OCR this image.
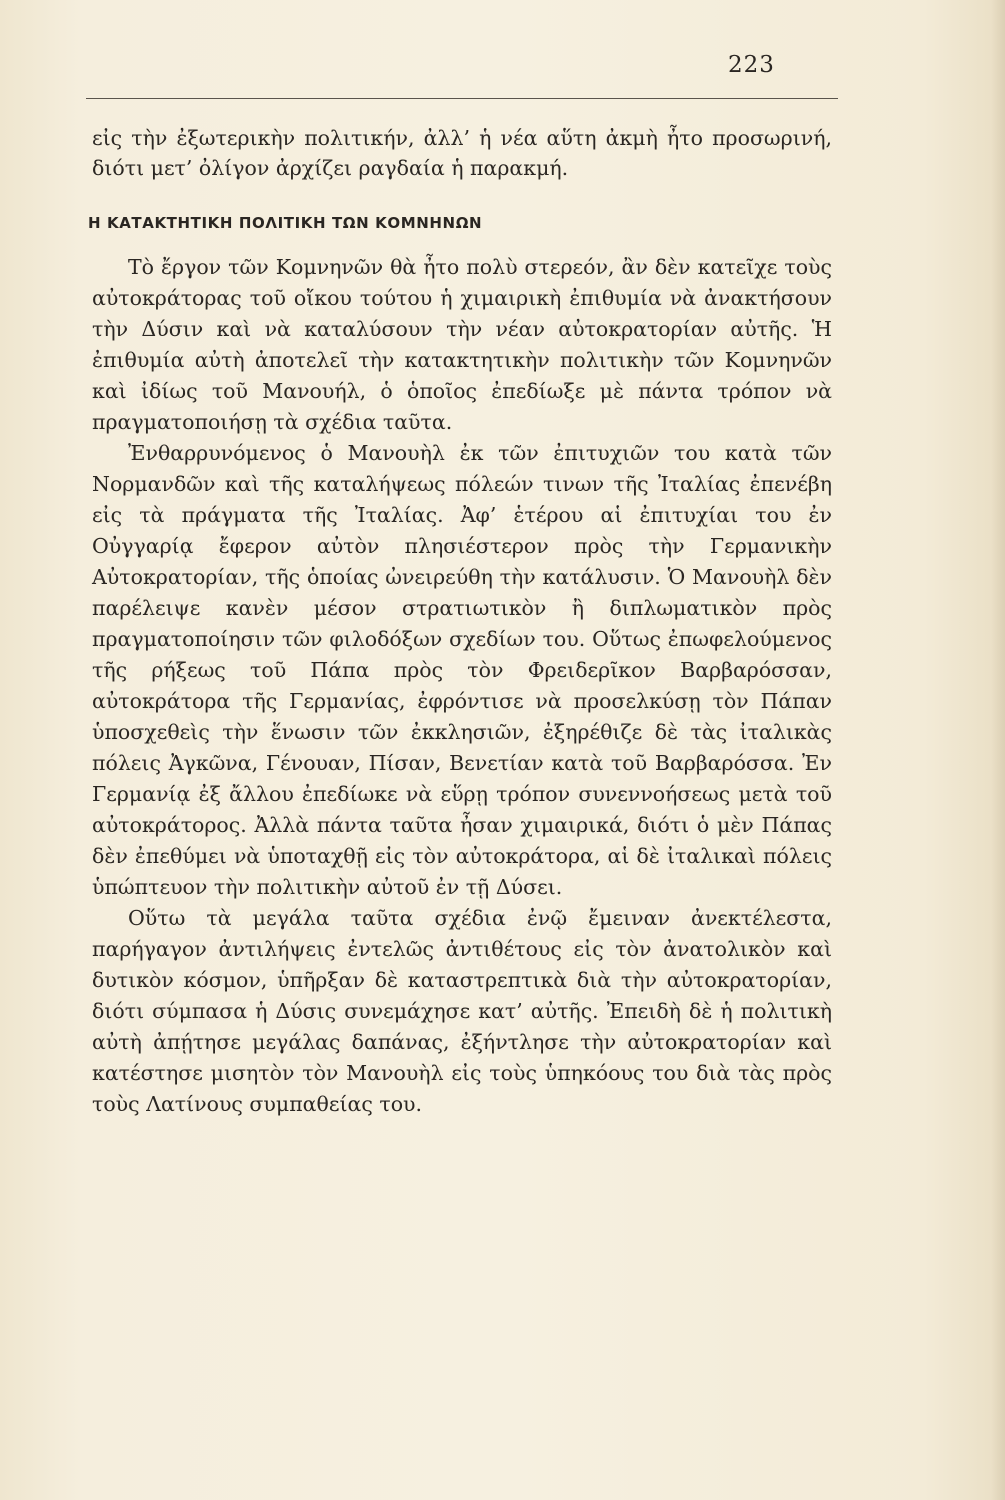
223

εἰς τὴν ἐξωτερικὴν πολιτικήν, ἀλλ’ ἡ νέα αὕτη ἀκμὴ ἦτο προσωρινή, διότι μετ’ ὀλίγον ἀρχίζει ραγδαία ἡ παρακμή.

Η ΚΑΤΑΚΤΗΤΙΚΗ ΠΟΛΙΤΙΚΗ ΤΩΝ ΚΟΜΝΗΝΩΝ

Τὸ ἔργον τῶν Κομνηνῶν θὰ ἦτο πολὺ στερεόν, ἂν δὲν κατεῖχε τοὺς αὐτοκράτορας τοῦ οἴκου τούτου ἡ χιμαιρικὴ ἐπιθυμία νὰ ἀνακτήσουν τὴν Δύσιν καὶ νὰ καταλύσουν τὴν νέαν αὐτοκρατορίαν αὐτῆς. Ἡ ἐπιθυμία αὐτὴ ἀποτελεῖ τὴν κατακτητικὴν πολιτικὴν τῶν Κομνηνῶν καὶ ἰδίως τοῦ Μανουήλ, ὁ ὁποῖος ἐπεδίωξε μὲ πάντα τρόπον νὰ πραγματοποιήσῃ τὰ σχέδια ταῦτα.

Ἐνθαρρυνόμενος ὁ Μανουὴλ ἐκ τῶν ἐπιτυχιῶν του κατὰ τῶν Νορμανδῶν καὶ τῆς καταλήψεως πόλεών τινων τῆς Ἰταλίας ἐπενέβη εἰς τὰ πράγματα τῆς Ἰταλίας. Ἀφ’ ἑτέρου αἱ ἐπιτυχίαι του ἐν Οὐγγαρίᾳ ἔφερον αὐτὸν πλησιέστερον πρὸς τὴν Γερμανικὴν Αὐτοκρατορίαν, τῆς ὁποίας ὠνειρεύθη τὴν κατάλυσιν. Ὁ Μανουὴλ δὲν παρέλειψε κανὲν μέσον στρατιωτικὸν ἢ διπλωματικὸν πρὸς πραγματοποίησιν τῶν φιλοδόξων σχεδίων του. Οὕτως ἐπωφελούμενος τῆς ρήξεως τοῦ Πάπα πρὸς τὸν Φρειδερῖκον Βαρβαρόσσαν, αὐτοκράτορα τῆς Γερμανίας, ἐφρόντισε νὰ προσελκύσῃ τὸν Πάπαν ὑποσχεθεὶς τὴν ἕνωσιν τῶν ἐκκλησιῶν, ἐξηρέθιζε δὲ τὰς ἰταλικὰς πόλεις Ἀγκῶνα, Γένουαν, Πίσαν, Βενετίαν κατὰ τοῦ Βαρβαρόσσα. Ἐν Γερμανίᾳ ἐξ ἄλλου ἐπεδίωκε νὰ εὕρῃ τρόπον συνεννοήσεως μετὰ τοῦ αὐτοκράτορος. Ἀλλὰ πάντα ταῦτα ἦσαν χιμαιρικά, διότι ὁ μὲν Πάπας δὲν ἐπεθύμει νὰ ὑποταχθῇ εἰς τὸν αὐτοκράτορα, αἱ δὲ ἰταλικαὶ πόλεις ὑπώπτευον τὴν πολιτικὴν αὐτοῦ ἐν τῇ Δύσει.

Οὕτω τὰ μεγάλα ταῦτα σχέδια ἐνῷ ἔμειναν ἀνεκτέλεστα, παρήγαγον ἀντιλήψεις ἐντελῶς ἀντιθέτους εἰς τὸν ἀνατολικὸν καὶ δυτικὸν κόσμον, ὑπῆρξαν δὲ καταστρεπτικὰ διὰ τὴν αὐτοκρατορίαν, διότι σύμπασα ἡ Δύσις συνεμάχησε κατ’ αὐτῆς. Ἐπειδὴ δὲ ἡ πολιτικὴ αὐτὴ ἀπῄτησε μεγάλας δαπάνας, ἐξήντλησε τὴν αὐτοκρατορίαν καὶ κατέστησε μισητὸν τὸν Μανουὴλ εἰς τοὺς ὑπηκόους του διὰ τὰς πρὸς τοὺς Λατίνους συμπαθείας του.
